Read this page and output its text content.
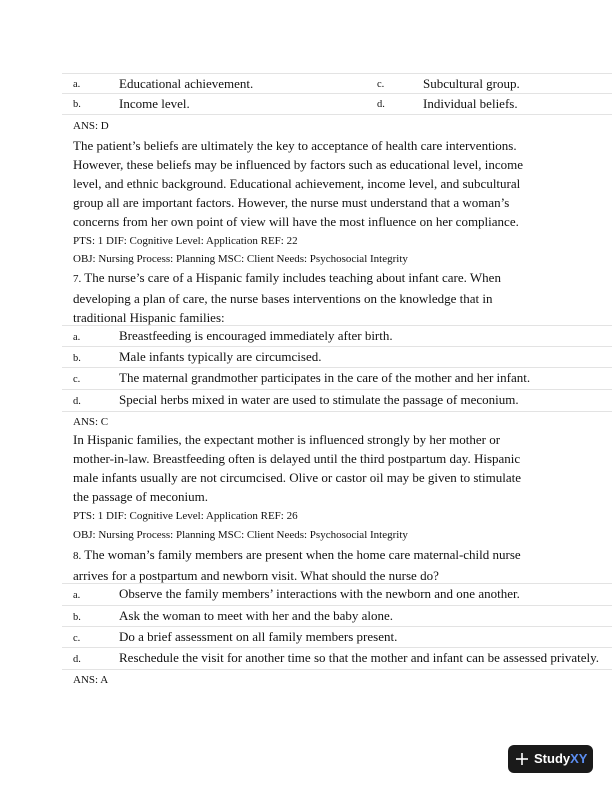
a.	Educational achievement.	c.	Subcultural group.
b.	Income level.	d.	Individual beliefs.
ANS: D
The patient’s beliefs are ultimately the key to acceptance of health care interventions.
However, these beliefs may be influenced by factors such as educational level, income
level, and ethnic background. Educational achievement, income level, and subcultural
group all are important factors. However, the nurse must understand that a woman’s
concerns from her own point of view will have the most influence on her compliance.
PTS: 1 DIF: Cognitive Level: Application REF: 22
OBJ: Nursing Process: Planning MSC: Client Needs: Psychosocial Integrity
7. The nurse’s care of a Hispanic family includes teaching about infant care. When
developing a plan of care, the nurse bases interventions on the knowledge that in
traditional Hispanic families:
a.	Breastfeeding is encouraged immediately after birth.
b.	Male infants typically are circumcised.
c.	The maternal grandmother participates in the care of the mother and her infant.
d.	Special herbs mixed in water are used to stimulate the passage of meconium.
ANS: C
In Hispanic families, the expectant mother is influenced strongly by her mother or
mother-in-law. Breastfeeding often is delayed until the third postpartum day. Hispanic
male infants usually are not circumcised. Olive or castor oil may be given to stimulate
the passage of meconium.
PTS: 1 DIF: Cognitive Level: Application REF: 26
OBJ: Nursing Process: Planning MSC: Client Needs: Psychosocial Integrity
8. The woman’s family members are present when the home care maternal-child nurse
arrives for a postpartum and newborn visit. What should the nurse do?
a.	Observe the family members’ interactions with the newborn and one another.
b.	Ask the woman to meet with her and the baby alone.
c.	Do a brief assessment on all family members present.
d.	Reschedule the visit for another time so that the mother and infant can be assessed privately.
ANS: A
StudyXY
